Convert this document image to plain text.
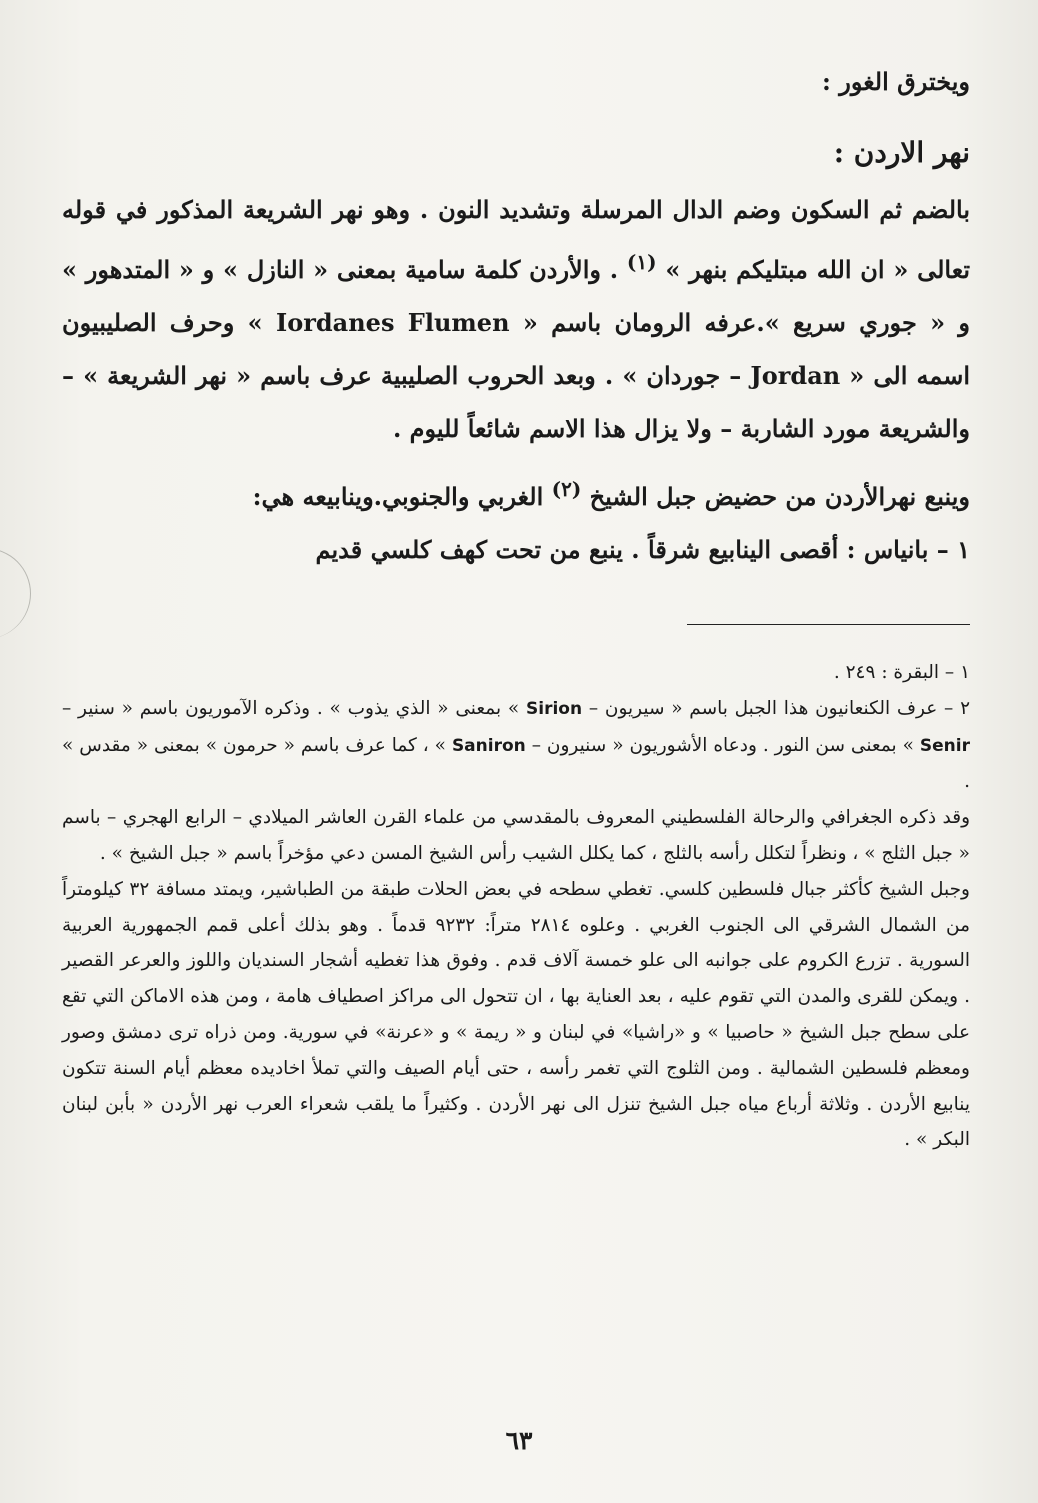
ويخترق الغور :

نهر الاردن :

بالضم ثم السكون وضم الدال المرسلة وتشديد النون . وهو نهر الشريعة المذكور في قوله تعالى « ان الله مبتليكم بنهر » $^{(١)}$ . والأردن كلمة سامية بمعنى « النازل » و « المتدهور » و « جوري سريع ».عرفه الرومان باسم « Iordanes Flumen » وحرف الصليبيون اسمه الى « Jordan – جوردان » . وبعد الحروب الصليبية عرف باسم « نهر الشريعة » – والشريعة مورد الشاربة – ولا يزال هذا الاسم شائعاً لليوم .

وينبع نهرالأردن من حضيض جبل الشيخ $^{(٢)}$ الغربي والجنوبي.وينابيعه هي:

١ – بانياس : أقصى الينابيع شرقاً . ينبع من تحت كهف كلسي قديم

١ – البقرة : ٢٤٩ .

٢ – عرف الكنعانيون هذا الجبل باسم « سيريون – Sirion » بمعنى « الذي يذوب » . وذكره الآموريون باسم « سنير – Senir » بمعنى سن النور . ودعاه الأشوريون « سنيرون – Saniron » ، كما عرف باسم « حرمون » بمعنى « مقدس » .

وقد ذكره الجغرافي والرحالة الفلسطيني المعروف بالمقدسي من علماء القرن العاشر الميلادي – الرابع الهجري – باسم « جبل الثلج » ، ونظراً لتكلل رأسه بالثلج ، كما يكلل الشيب رأس الشيخ المسن دعي مؤخراً باسم « جبل الشيخ » .

وجبل الشيخ كأكثر جبال فلسطين كلسي. تغطي سطحه في بعض الحلات طبقة من الطباشير، ويمتد مسافة ٣٢ كيلومتراً من الشمال الشرقي الى الجنوب الغربي . وعلوه ٢٨١٤ متراً: ٩٢٣٢ قدماً . وهو بذلك أعلى قمم الجمهورية العربية السورية . تزرع الكروم على جوانبه الى علو خمسة آلاف قدم . وفوق هذا تغطيه أشجار السنديان واللوز والعرعر القصير . ويمكن للقرى والمدن التي تقوم عليه ، بعد العناية بها ، ان تتحول الى مراكز اصطياف هامة ، ومن هذه الاماكن التي تقع على سطح جبل الشيخ « حاصبيا » و «راشيا» في لبنان و « ريمة » و «عرنة» في سورية. ومن ذراه ترى دمشق وصور ومعظم فلسطين الشمالية . ومن الثلوج التي تغمر رأسه ، حتى أيام الصيف والتي تملأ اخاديده معظم أيام السنة تتكون ينابيع الأردن . وثلاثة أرباع مياه جبل الشيخ تنزل الى نهر الأردن . وكثيراً ما يلقب شعراء العرب نهر الأردن « بأبن لبنان البكر » .

٦٣
